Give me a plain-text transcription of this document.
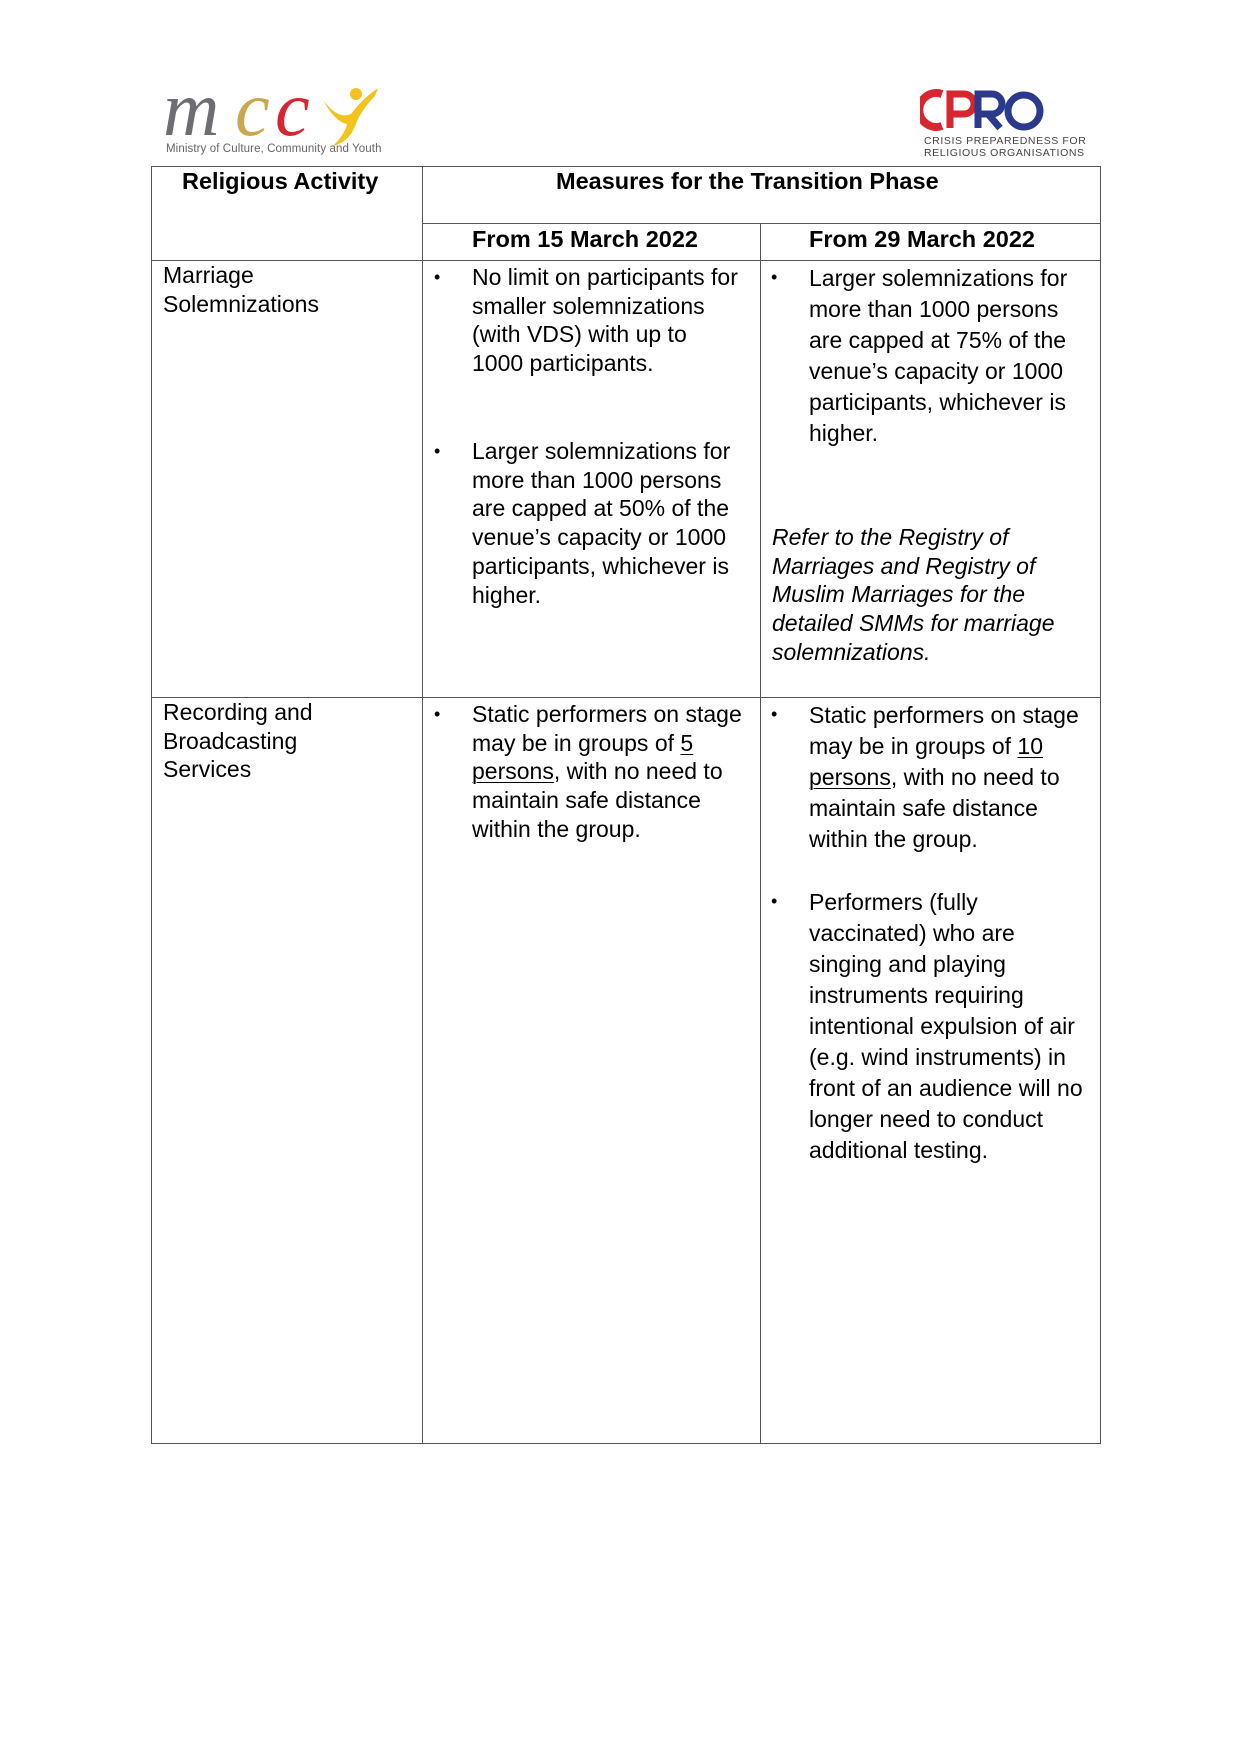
m c c
Ministry of Culture, Community and Youth
CRISIS PREPAREDNESS FOR
RELIGIOUS ORGANISATIONS
Religious Activity	Measures for the Transition Phase
From 15 March 2022	From 29 March 2022
Marriage Solemnizations
• No limit on participants for smaller solemnizations (with VDS) with up to 1000 participants.
• Larger solemnizations for more than 1000 persons are capped at 50% of the venue’s capacity or 1000 participants, whichever is higher.
• Larger solemnizations for more than 1000 persons are capped at 75% of the venue’s capacity or 1000 participants, whichever is higher.
Refer to the Registry of Marriages and Registry of Muslim Marriages for the detailed SMMs for marriage solemnizations.
Recording and Broadcasting Services
• Static performers on stage may be in groups of 5 persons, with no need to maintain safe distance within the group.
• Static performers on stage may be in groups of 10 persons, with no need to maintain safe distance within the group.
• Performers (fully vaccinated) who are singing and playing instruments requiring intentional expulsion of air (e.g. wind instruments) in front of an audience will no longer need to conduct additional testing.
